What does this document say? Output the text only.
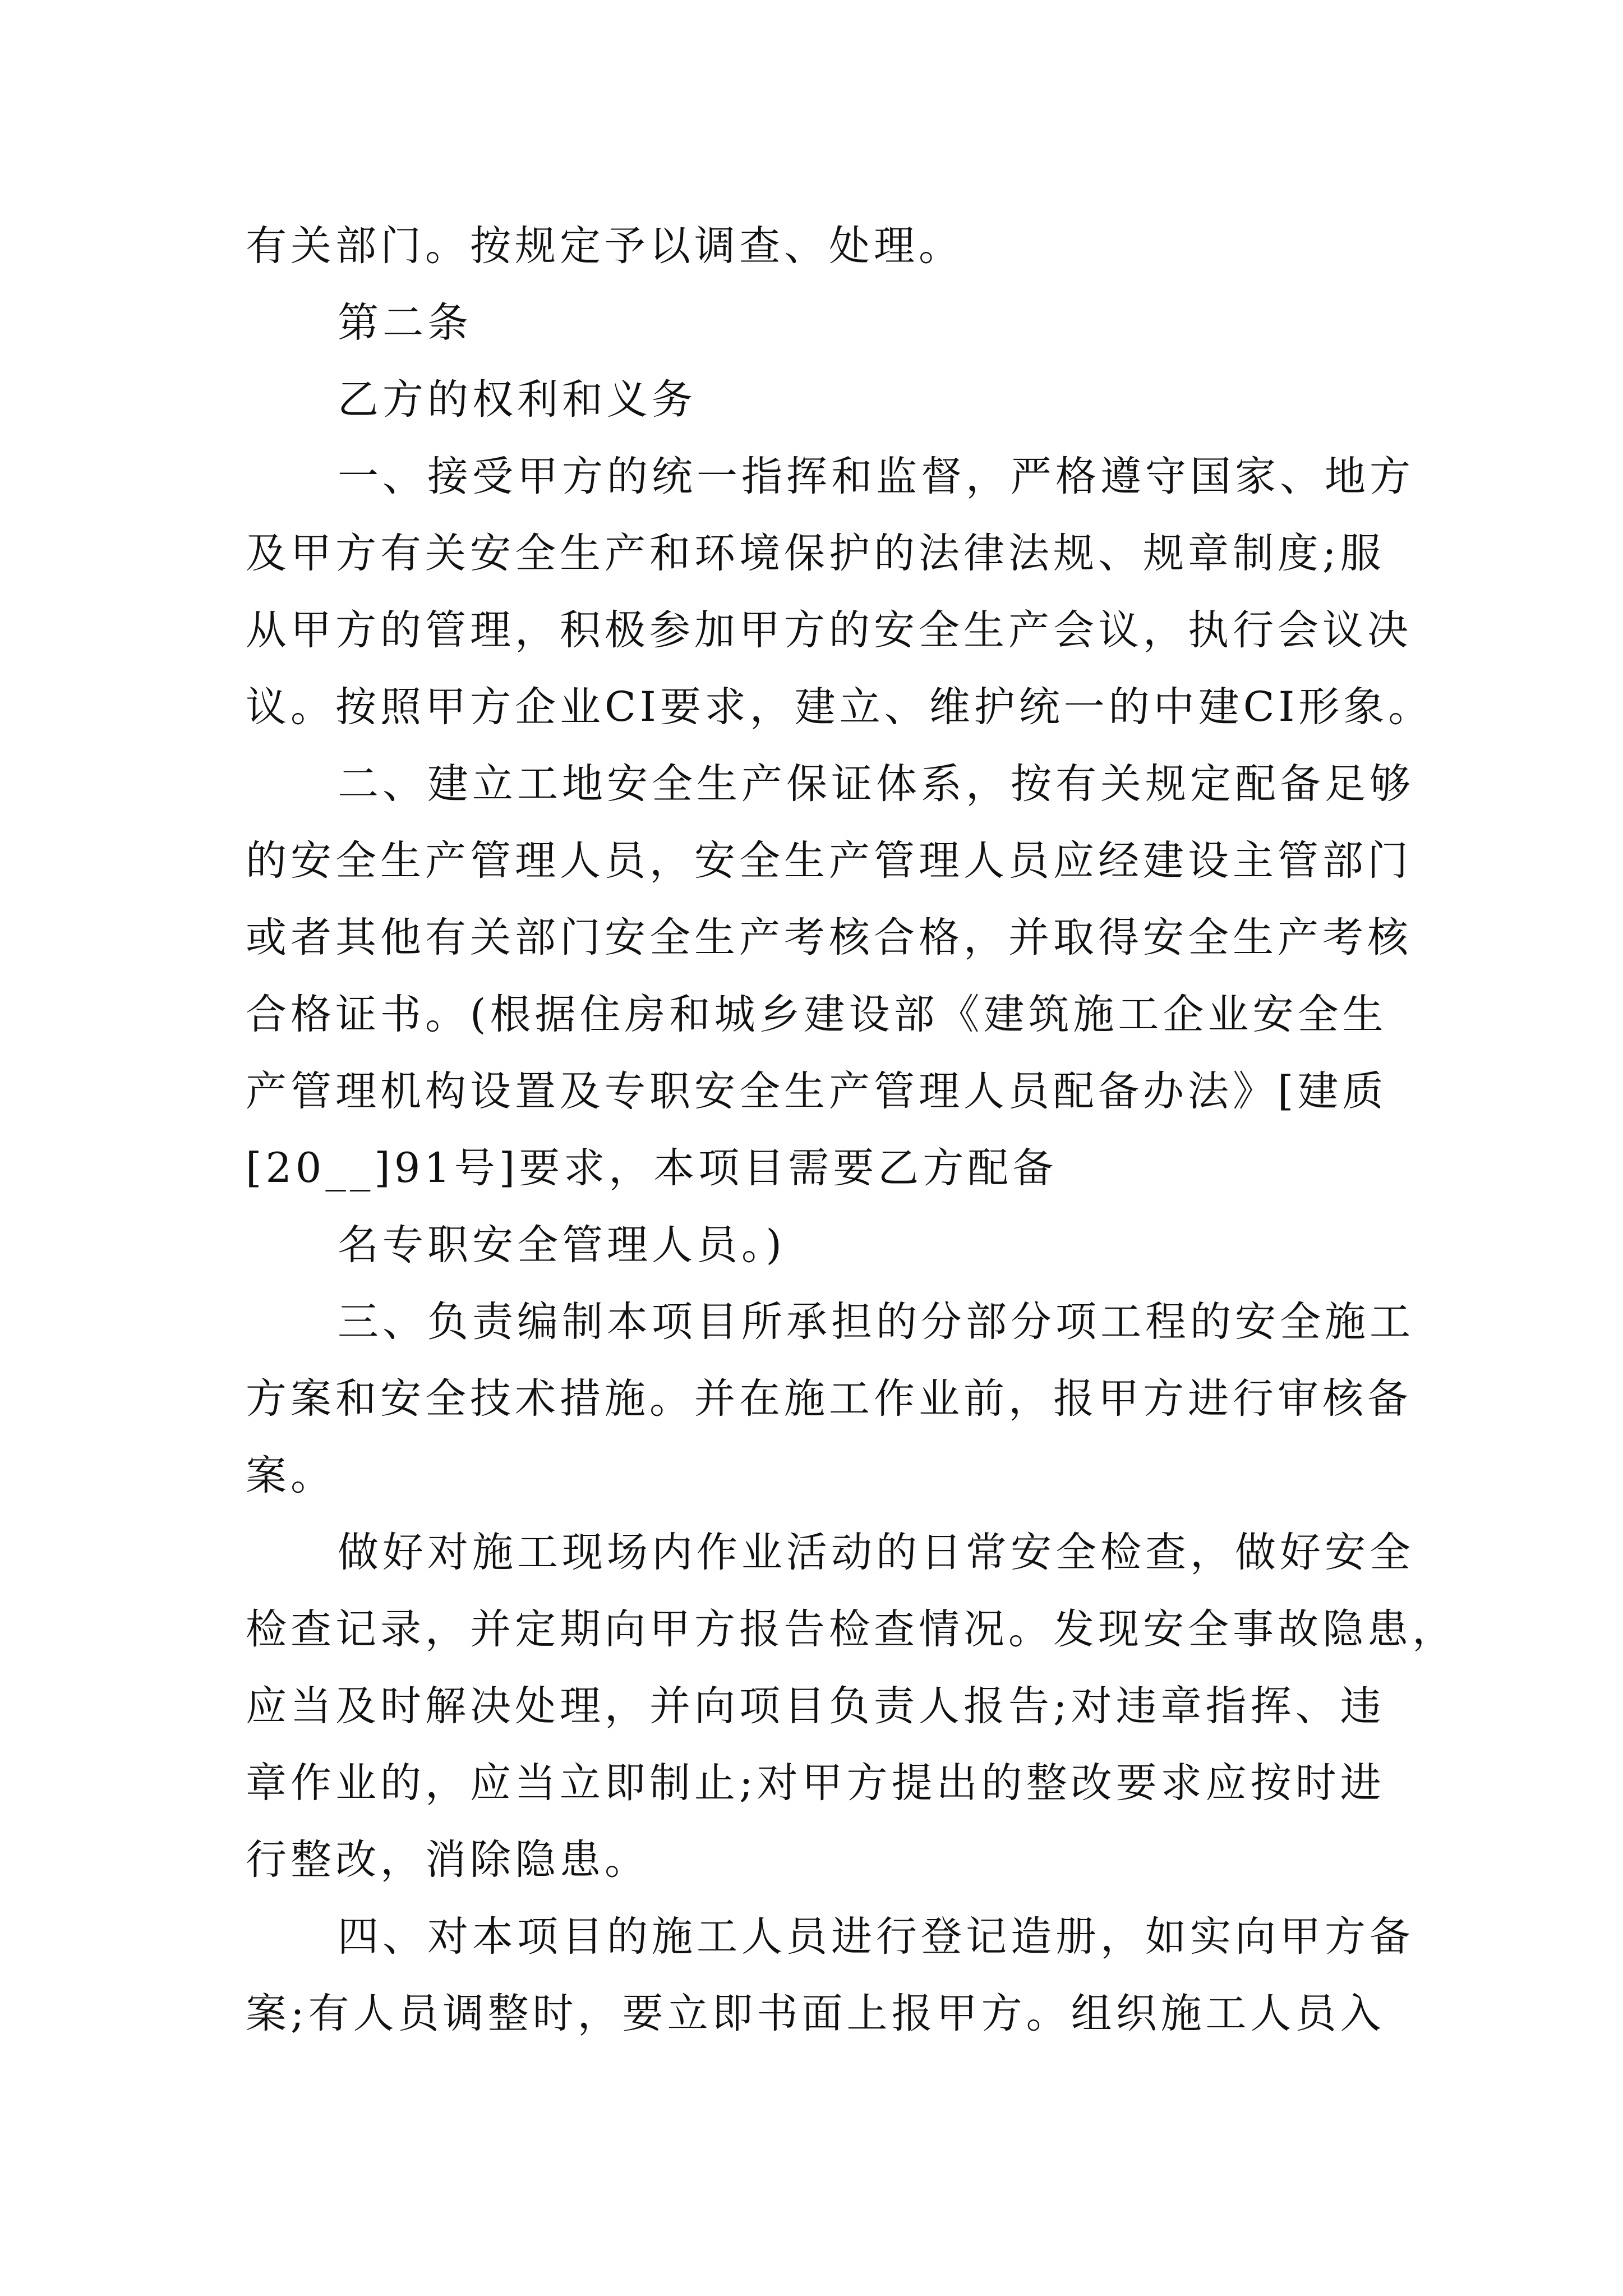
有关部门。按规定予以调查、处理。
第二条
乙方的权利和义务
一、接受甲方的统一指挥和监督，严格遵守国家、地方
及甲方有关安全生产和环境保护的法律法规、规章制度;服
从甲方的管理，积极参加甲方的安全生产会议，执行会议决
议。按照甲方企业CI要求，建立、维护统一的中建CI形象。
二、建立工地安全生产保证体系，按有关规定配备足够
的安全生产管理人员，安全生产管理人员应经建设主管部门
或者其他有关部门安全生产考核合格，并取得安全生产考核
合格证书。(根据住房和城乡建设部《建筑施工企业安全生
产管理机构设置及专职安全生产管理人员配备办法》[建质
[20__]91号]要求，本项目需要乙方配备
名专职安全管理人员。)
三、负责编制本项目所承担的分部分项工程的安全施工
方案和安全技术措施。并在施工作业前，报甲方进行审核备
案。
做好对施工现场内作业活动的日常安全检查，做好安全
检查记录，并定期向甲方报告检查情况。发现安全事故隐患，
应当及时解决处理，并向项目负责人报告;对违章指挥、违
章作业的，应当立即制止;对甲方提出的整改要求应按时进
行整改，消除隐患。
四、对本项目的施工人员进行登记造册，如实向甲方备
案;有人员调整时，要立即书面上报甲方。组织施工人员入
